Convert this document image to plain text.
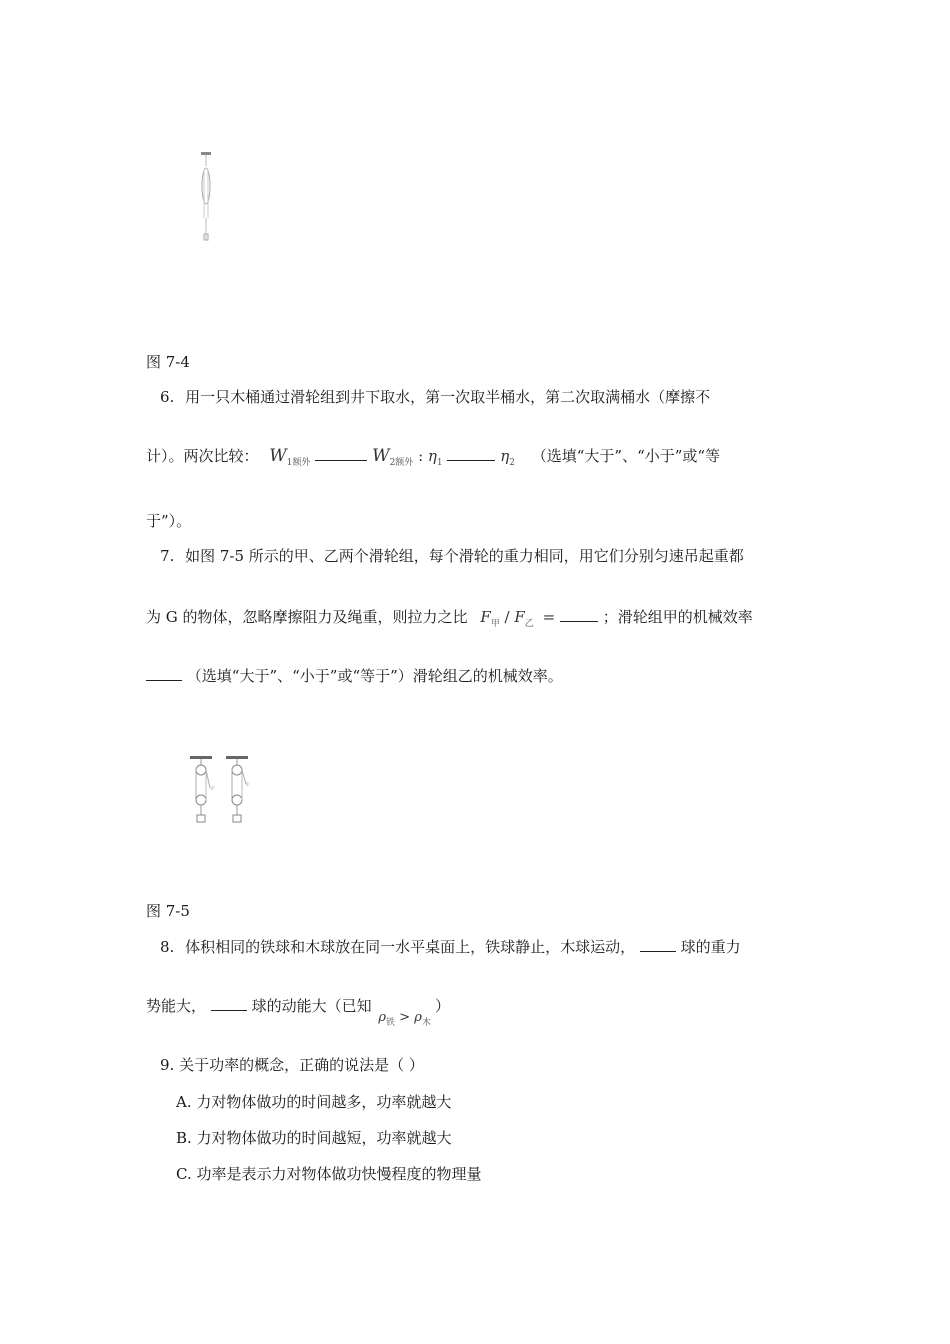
图 7-4
6. 用一只木桶通过滑轮组到井下取水，第一次取半桶水，第二次取满桶水（摩擦不
计）。两次比较： $W_{1额外}$	$W_{2额外}$ : $\eta_1$	$\eta_2$ （选填“大于”、“小于”或“等
于”）。
7. 如图 7-5 所示的甲、乙两个滑轮组，每个滑轮的重力相同，用它们分别匀速吊起重都
为 G 的物体，忽略摩擦阻力及绳重，则拉力之比 $F_甲 / F_乙$ =	；滑轮组甲的机械效率
（选填“大于”、“小于”或“等于”）滑轮组乙的机械效率。
F
F
图 7-5
8. 体积相同的铁球和木球放在同一水平桌面上，铁球静止，木球运动，	球的重力
势能大，	球的动能大（已知 $\rho_铁 > \rho_木$ ）
9. 关于功率的概念，正确的说法是（ ）
A. 力对物体做功的时间越多，功率就越大
B. 力对物体做功的时间越短，功率就越大
C. 功率是表示力对物体做功快慢程度的物理量
